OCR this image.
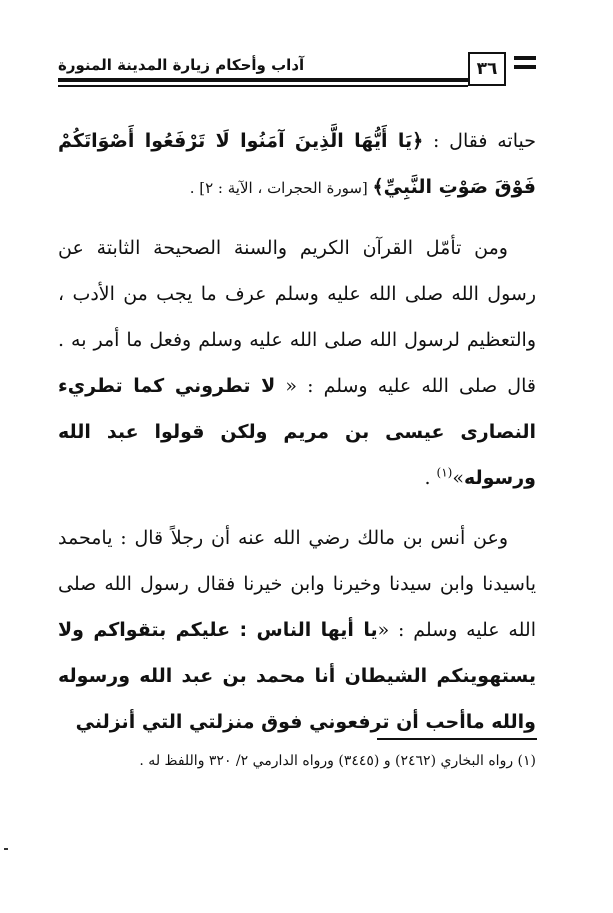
آداب وأحكام زيارة المدينة المنورة	٣٦

حياته فقال : ﴿يَا أَيُّهَا الَّذِينَ آمَنُوا لَا تَرْفَعُوا أَصْوَاتَكُمْ فَوْقَ صَوْتِ النَّبِيِّ﴾ [سورة الحجرات ، الآية : ٢] .

ومن تأمّل القرآن الكريم والسنة الصحيحة الثابتة عن رسول الله صلى الله عليه وسلم عرف ما يجب من الأدب ، والتعظيم لرسول الله صلى الله عليه وسلم وفعل ما أمر به . قال صلى الله عليه وسلم : « لا تطروني كما تطريء النصارى عيسى بن مريم ولكن قولوا عبد الله ورسوله»$^{(١)}$ .

وعن أنس بن مالك رضي الله عنه أن رجلاً قال : يامحمد ياسيدنا وابن سيدنا وخيرنا وابن خيرنا فقال رسول الله صلى الله عليه وسلم : «يا أيها الناس : عليكم بتقواكم ولا يستهوينكم الشيطان أنا محمد بن عبد الله ورسوله والله ماأحب أن ترفعوني فوق منزلتي التي أنزلني

(١) رواه البخاري (٢٤٦٢) و (٣٤٤٥) ورواه الدارمي ٢/ ٣٢٠ واللفظ له .
